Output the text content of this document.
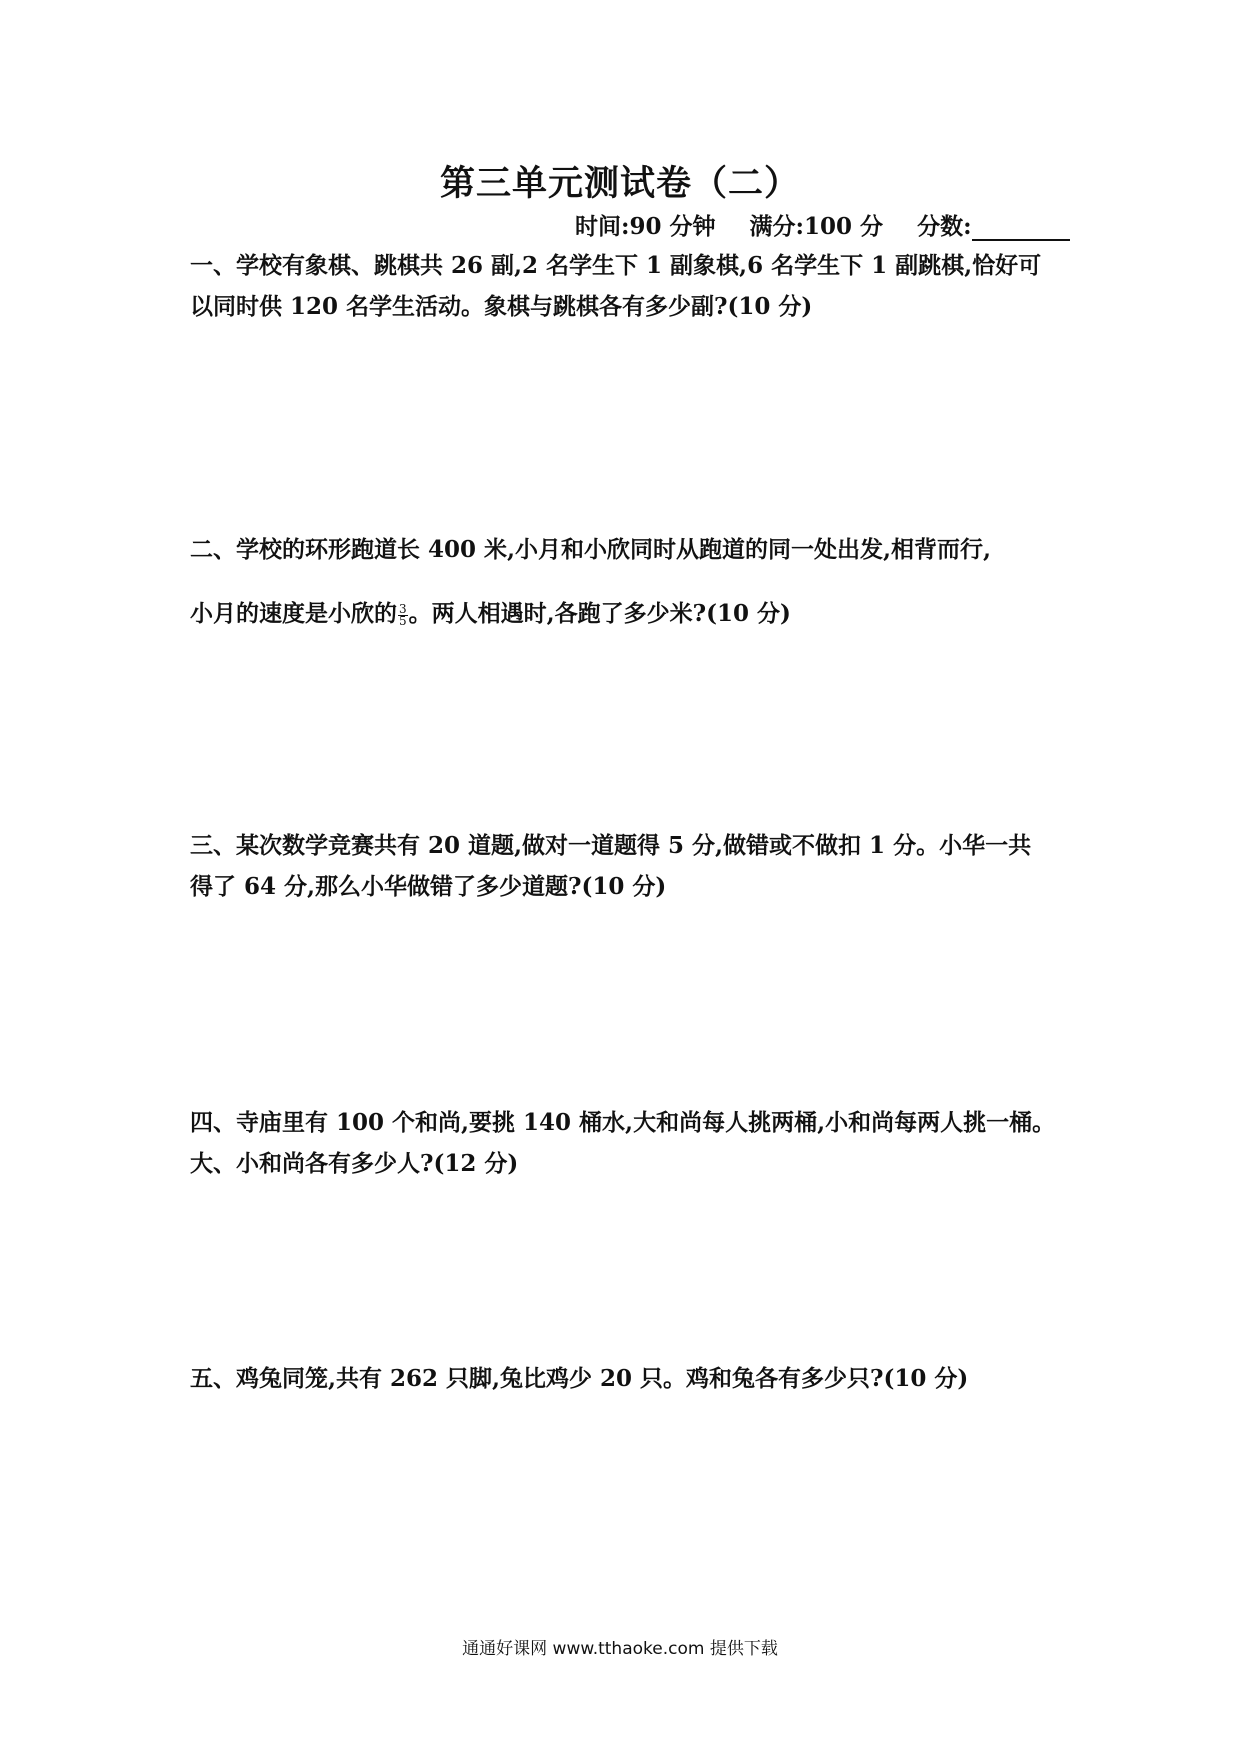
第三单元测试卷（二）
时间:90 分钟 满分:100 分 分数:
一、学校有象棋、跳棋共 26 副,2 名学生下 1 副象棋,6 名学生下 1 副跳棋,恰好可
以同时供 120 名学生活动。象棋与跳棋各有多少副?(10 分)
二、学校的环形跑道长 400 米,小月和小欣同时从跑道的同一处出发,相背而行,
小月的速度是小欣的 $\frac{3}{5}$ 。两人相遇时,各跑了多少米?(10 分)
三、某次数学竞赛共有 20 道题,做对一道题得 5 分,做错或不做扣 1 分。小华一共
得了 64 分,那么小华做错了多少道题?(10 分)
四、寺庙里有 100 个和尚,要挑 140 桶水,大和尚每人挑两桶,小和尚每两人挑一桶。
大、小和尚各有多少人?(12 分)
五、鸡兔同笼,共有 262 只脚,兔比鸡少 20 只。鸡和兔各有多少只?(10 分)
通通好课网 www.tthaoke.com 提供下载
